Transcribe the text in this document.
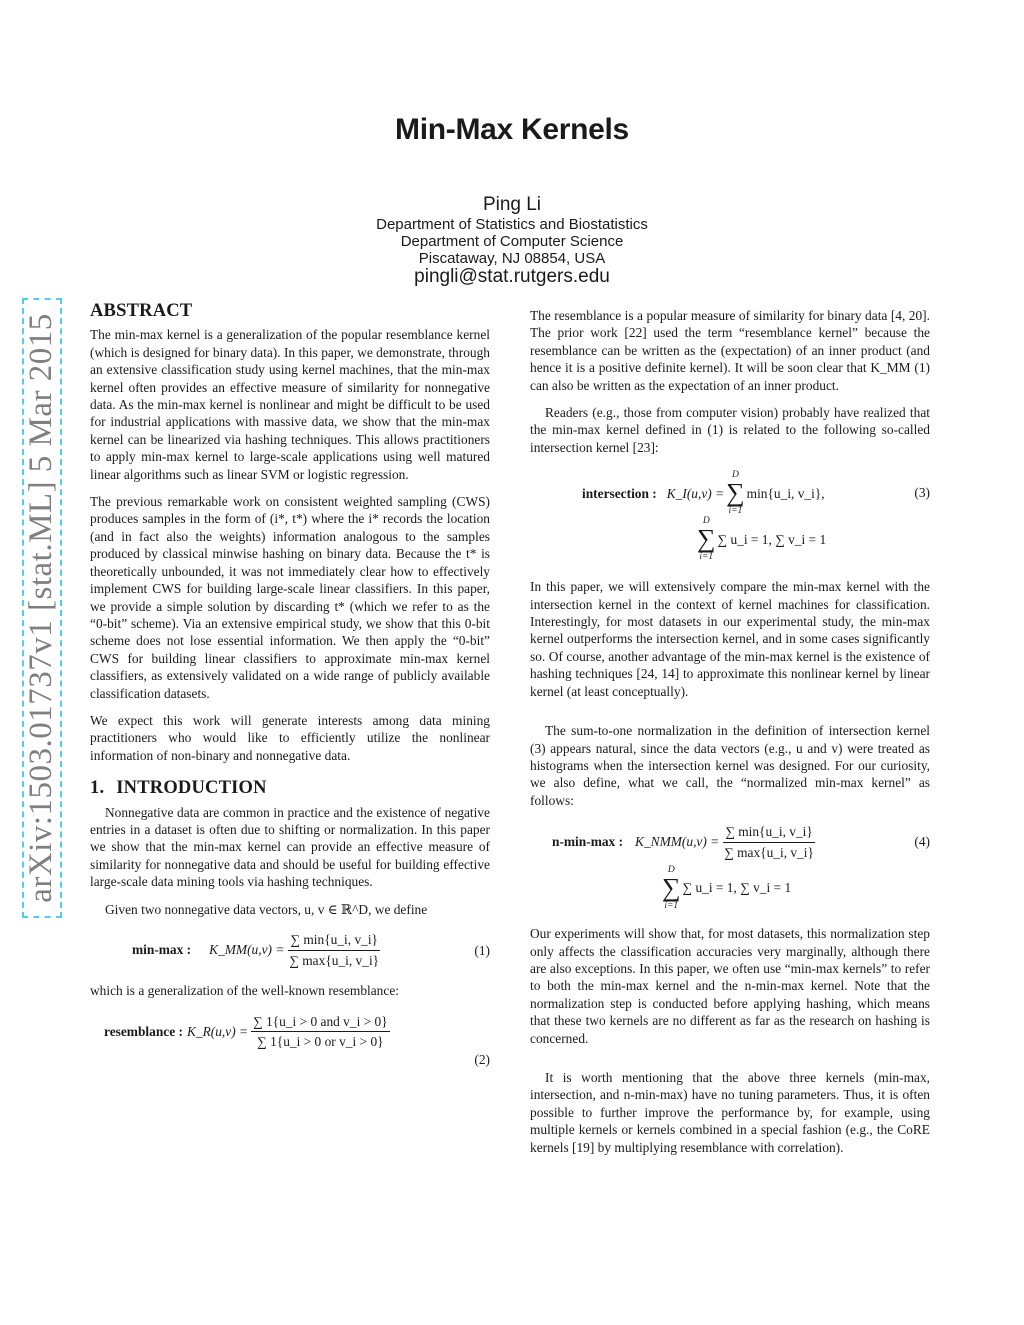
Min-Max Kernels
Ping Li
Department of Statistics and Biostatistics
Department of Computer Science
Piscataway, NJ 08854, USA
pingli@stat.rutgers.edu
arXiv:1503.01737v1 [stat.ML] 5 Mar 2015
ABSTRACT

The min-max kernel is a generalization of the popular resemblance kernel (which is designed for binary data). In this paper, we demonstrate, through an extensive classification study using kernel machines, that the min-max kernel often provides an effective measure of similarity for nonnegative data. As the min-max kernel is nonlinear and might be difficult to be used for industrial applications with massive data, we show that the min-max kernel can be linearized via hashing techniques. This allows practitioners to apply min-max kernel to large-scale applications using well matured linear algorithms such as linear SVM or logistic regression.

The previous remarkable work on consistent weighted sampling (CWS) produces samples in the form of (i*, t*) where the i* records the location (and in fact also the weights) information analogous to the samples produced by classical minwise hashing on binary data. Because the t* is theoretically unbounded, it was not immediately clear how to effectively implement CWS for building large-scale linear classifiers. In this paper, we provide a simple solution by discarding t* (which we refer to as the “0-bit” scheme). Via an extensive empirical study, we show that this 0-bit scheme does not lose essential information. We then apply the “0-bit” CWS for building linear classifiers to approximate min-max kernel classifiers, as extensively validated on a wide range of publicly available classification datasets.

We expect this work will generate interests among data mining practitioners who would like to efficiently utilize the nonlinear information of non-binary and nonnegative data.

1. INTRODUCTION

Nonnegative data are common in practice and the existence of negative entries in a dataset is often due to shifting or normalization. In this paper we show that the min-max kernel can provide an effective measure of similarity for nonnegative data and should be useful for building effective large-scale data mining tools via hashing techniques.

Given two nonnegative data vectors, u, v ∈ ℝ^D, we define

min-max : K_MM(u,v) = $\frac{\sum \min\{u\_i, v\_i\}}{\sum \max\{u\_i, v\_i\}}$	(1)

which is a generalization of the well-known resemblance:

resemblance : K_R(u,v) = $\frac{\text{∑ 1\{u\_i > 0 and v\_i > 0\}}}{\text{∑ 1\{u\_i > 0 or v\_i > 0\}}}$
(2)

The resemblance is a popular measure of similarity for binary data [4, 20]. The prior work [22] used the term “resemblance kernel” because the resemblance can be written as the (expectation) of an inner product (and hence it is a positive definite kernel). It will be soon clear that K_MM (1) can also be written as the expectation of an inner product.

Readers (e.g., those from computer vision) probably have realized that the min-max kernel defined in (1) is related to the following so-called intersection kernel [23]:

intersection : K_I(u,v) =
D
∑
i=1
min{u_i, v_i},
D
∑
i=1
∑ u_i = 1, ∑ v_i = 1
(3)

In this paper, we will extensively compare the min-max kernel with the intersection kernel in the context of kernel machines for classification. Interestingly, for most datasets in our experimental study, the min-max kernel outperforms the intersection kernel, and in some cases significantly so. Of course, another advantage of the min-max kernel is the existence of hashing techniques [24, 14] to approximate this nonlinear kernel by linear kernel (at least conceptually).

The sum-to-one normalization in the definition of intersection kernel (3) appears natural, since the data vectors (e.g., u and v) were treated as histograms when the intersection kernel was designed. For our curiosity, we also define, what we call, the “normalized min-max kernel” as follows:

n-min-max : K_NMM(u,v) = $\frac{\sum \min\{u\_i, v\_i\}}{\sum \max\{u\_i, v\_i\}}$
D
∑
i=1
∑ u_i = 1, ∑ v_i = 1
(4)

Our experiments will show that, for most datasets, this normalization step only affects the classification accuracies very marginally, although there are also exceptions. In this paper, we often use “min-max kernels” to refer to both the min-max kernel and the n-min-max kernel. Note that the normalization step is conducted before applying hashing, which means that these two kernels are no different as far as the research on hashing is concerned.

It is worth mentioning that the above three kernels (min-max, intersection, and n-min-max) have no tuning parameters. Thus, it is often possible to further improve the performance by, for example, using multiple kernels or kernels combined in a special fashion (e.g., the CoRE kernels [19] by multiplying resemblance with correlation).
